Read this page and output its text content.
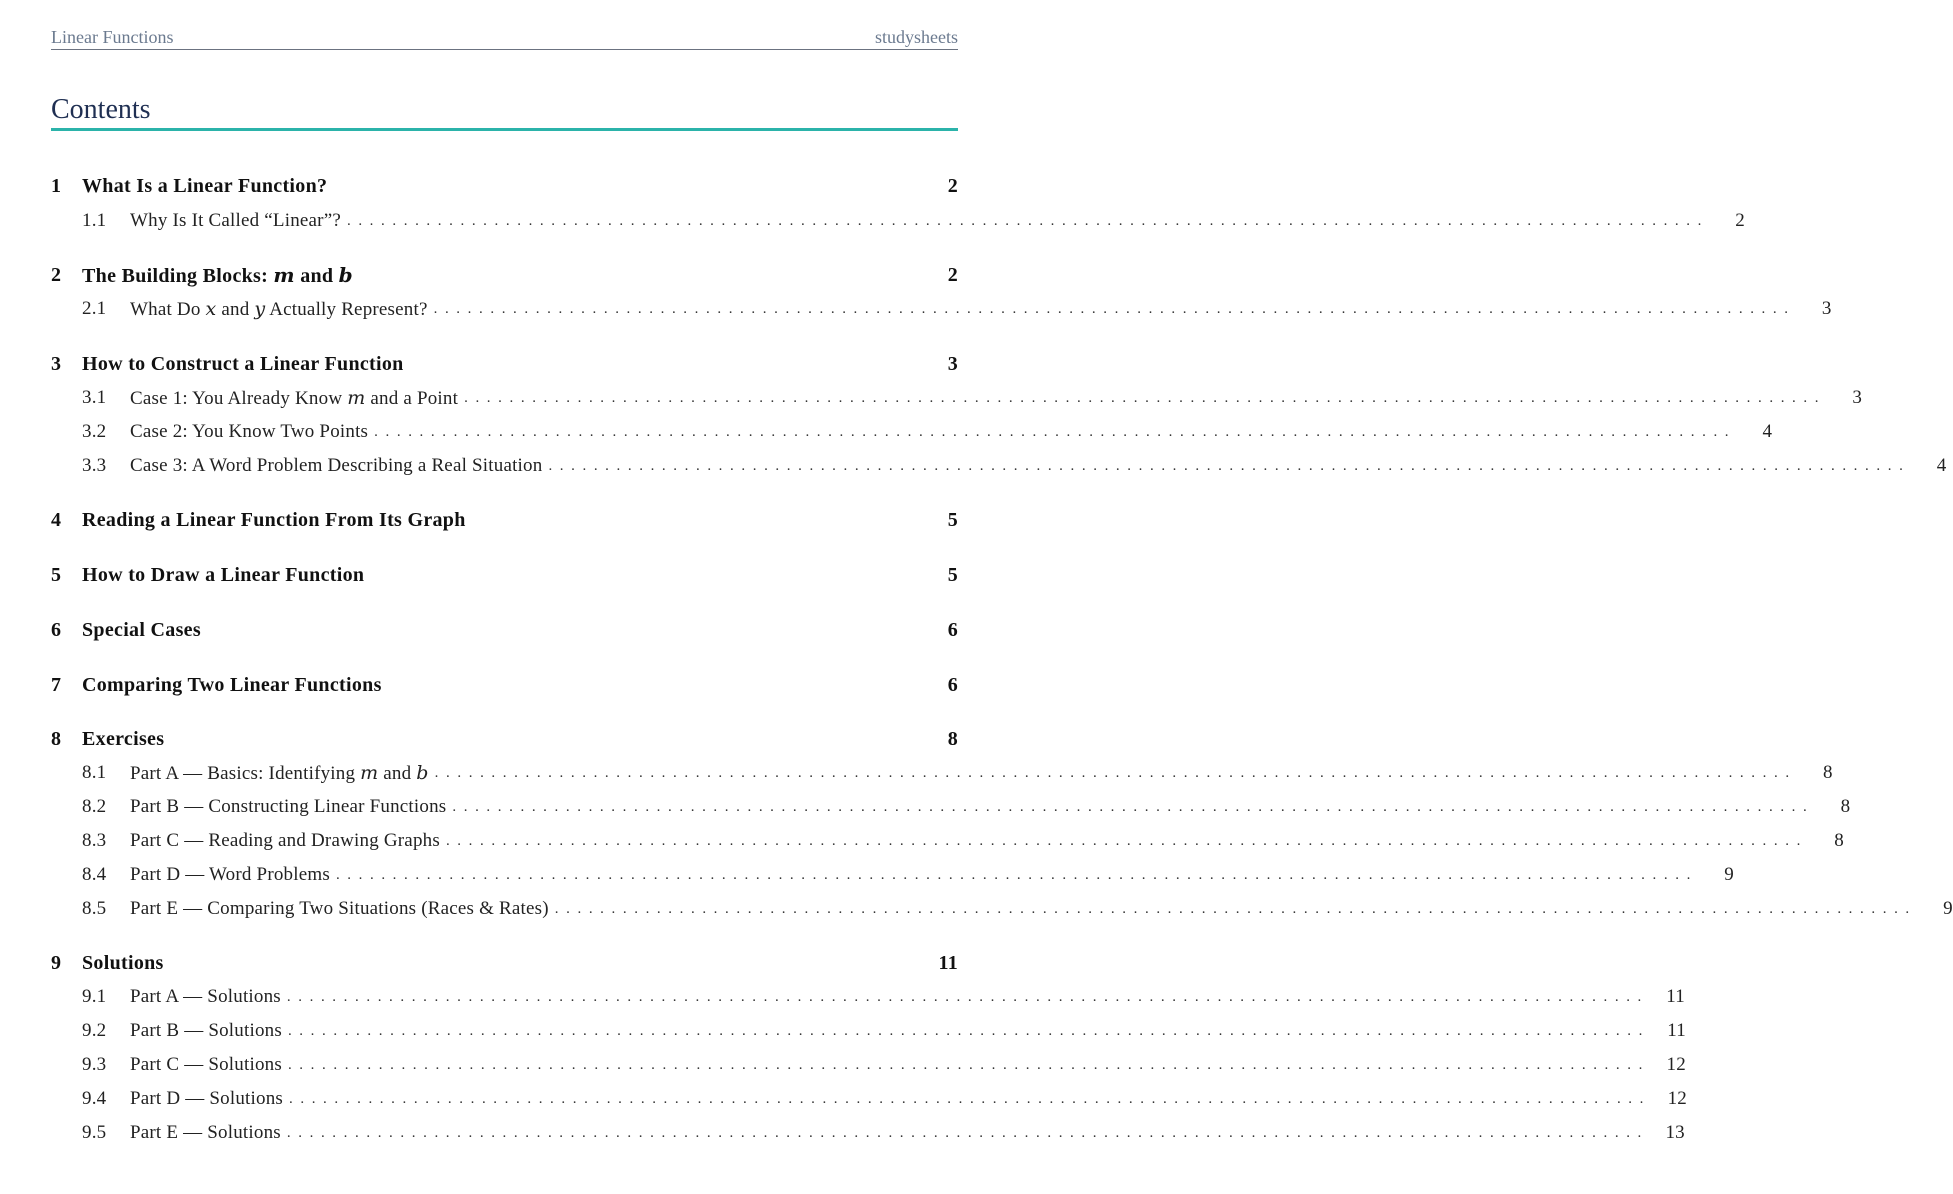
Linear Functions	studysheets
Contents
1	What Is a Linear Function?	2
1.1	Why Is It Called “Linear”? ........................................................................................................................	2
2	The Building Blocks: m and b	2
2.1	What Do x and y Actually Represent? ........................................................................................................................	3
3	How to Construct a Linear Function	3
3.1	Case 1: You Already Know m and a Point ........................................................................................................................	3
3.2	Case 2: You Know Two Points ........................................................................................................................	4
3.3	Case 3: A Word Problem Describing a Real Situation ........................................................................................................................	4
4	Reading a Linear Function From Its Graph	5
5	How to Draw a Linear Function	5
6	Special Cases	6
7	Comparing Two Linear Functions	6
8	Exercises	8
8.1	Part A — Basics: Identifying m and b ........................................................................................................................	8
8.2	Part B — Constructing Linear Functions ........................................................................................................................	8
8.3	Part C — Reading and Drawing Graphs ........................................................................................................................	8
8.4	Part D — Word Problems ........................................................................................................................	9
8.5	Part E — Comparing Two Situations (Races & Rates) ........................................................................................................................	9
9	Solutions	11
9.1	Part A — Solutions ........................................................................................................................ 11
9.2	Part B — Solutions ........................................................................................................................ 11
9.3	Part C — Solutions ........................................................................................................................ 12
9.4	Part D — Solutions ........................................................................................................................ 12
9.5	Part E — Solutions ........................................................................................................................ 13
